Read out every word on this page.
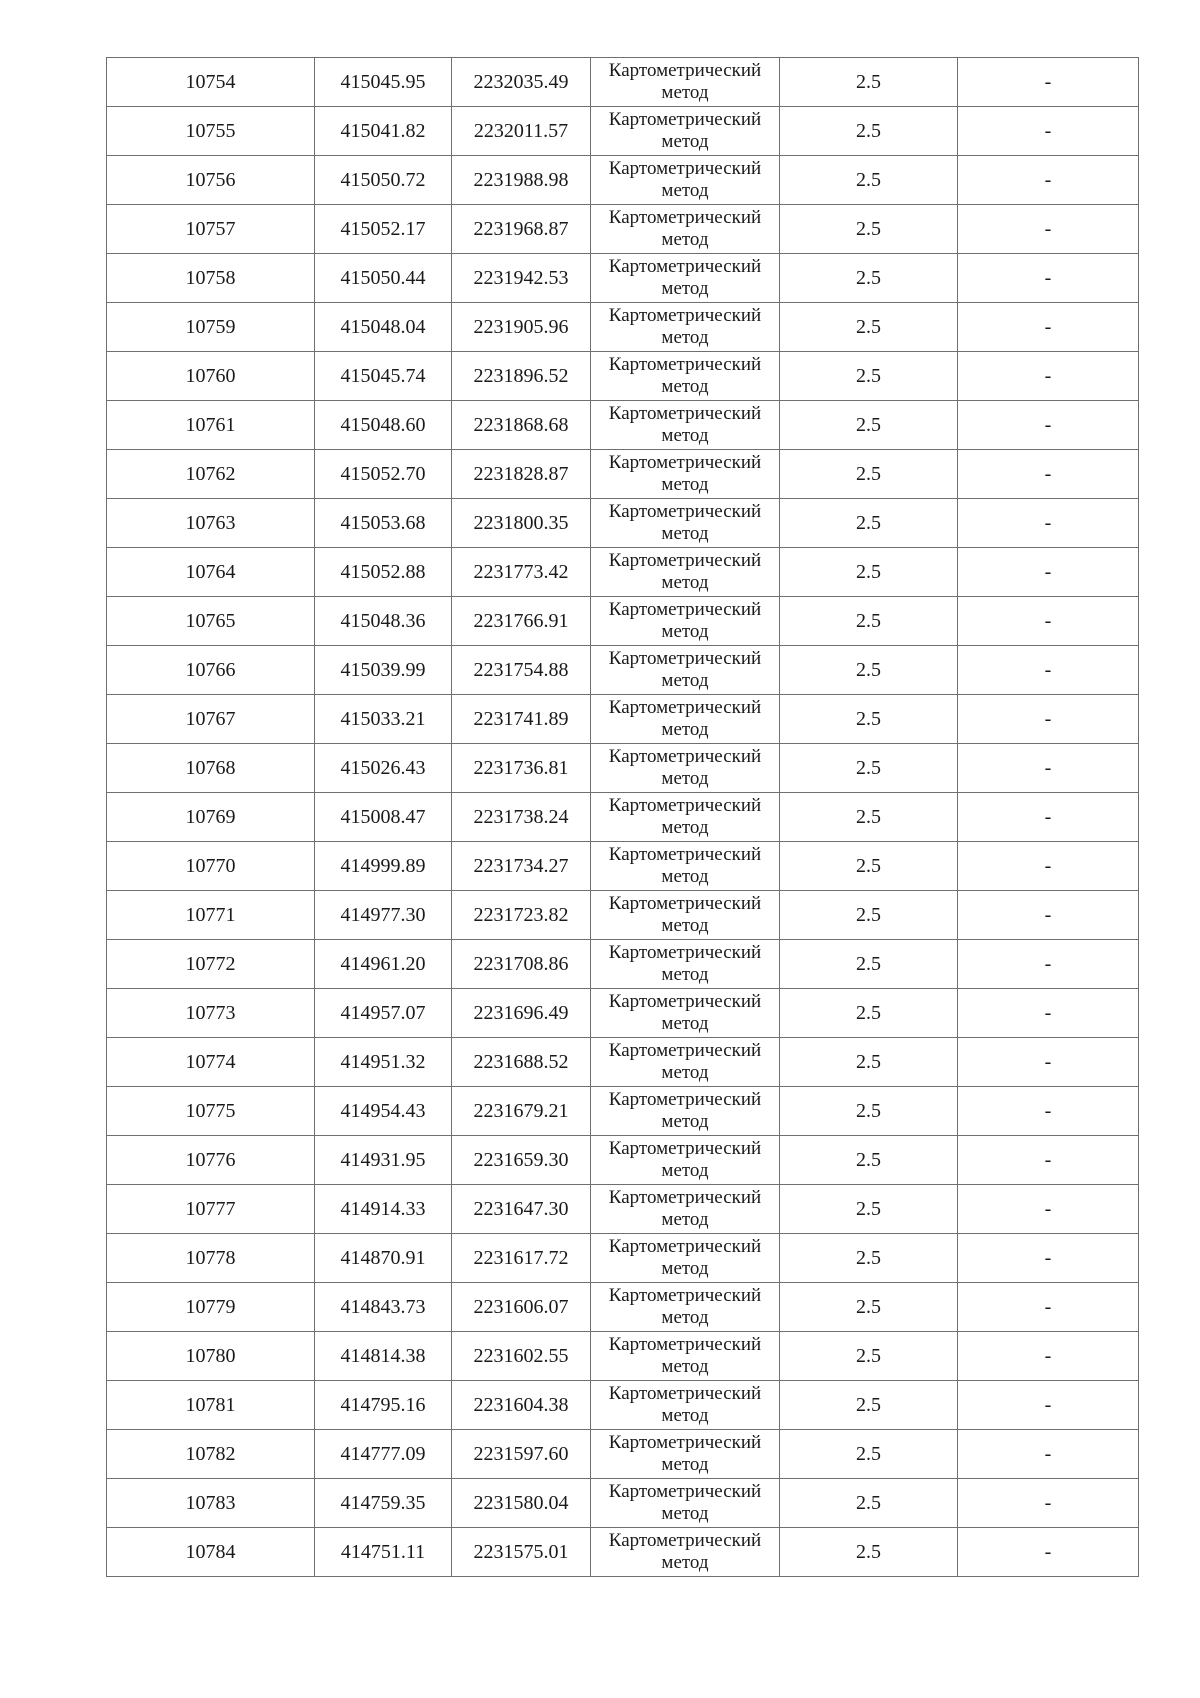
10754	415045.95	2232035.49	Картометрический метод	2.5	-
10755	415041.82	2232011.57	Картометрический метод	2.5	-
10756	415050.72	2231988.98	Картометрический метод	2.5	-
10757	415052.17	2231968.87	Картометрический метод	2.5	-
10758	415050.44	2231942.53	Картометрический метод	2.5	-
10759	415048.04	2231905.96	Картометрический метод	2.5	-
10760	415045.74	2231896.52	Картометрический метод	2.5	-
10761	415048.60	2231868.68	Картометрический метод	2.5	-
10762	415052.70	2231828.87	Картометрический метод	2.5	-
10763	415053.68	2231800.35	Картометрический метод	2.5	-
10764	415052.88	2231773.42	Картометрический метод	2.5	-
10765	415048.36	2231766.91	Картометрический метод	2.5	-
10766	415039.99	2231754.88	Картометрический метод	2.5	-
10767	415033.21	2231741.89	Картометрический метод	2.5	-
10768	415026.43	2231736.81	Картометрический метод	2.5	-
10769	415008.47	2231738.24	Картометрический метод	2.5	-
10770	414999.89	2231734.27	Картометрический метод	2.5	-
10771	414977.30	2231723.82	Картометрический метод	2.5	-
10772	414961.20	2231708.86	Картометрический метод	2.5	-
10773	414957.07	2231696.49	Картометрический метод	2.5	-
10774	414951.32	2231688.52	Картометрический метод	2.5	-
10775	414954.43	2231679.21	Картометрический метод	2.5	-
10776	414931.95	2231659.30	Картометрический метод	2.5	-
10777	414914.33	2231647.30	Картометрический метод	2.5	-
10778	414870.91	2231617.72	Картометрический метод	2.5	-
10779	414843.73	2231606.07	Картометрический метод	2.5	-
10780	414814.38	2231602.55	Картометрический метод	2.5	-
10781	414795.16	2231604.38	Картометрический метод	2.5	-
10782	414777.09	2231597.60	Картометрический метод	2.5	-
10783	414759.35	2231580.04	Картометрический метод	2.5	-
10784	414751.11	2231575.01	Картометрический метод	2.5	-
